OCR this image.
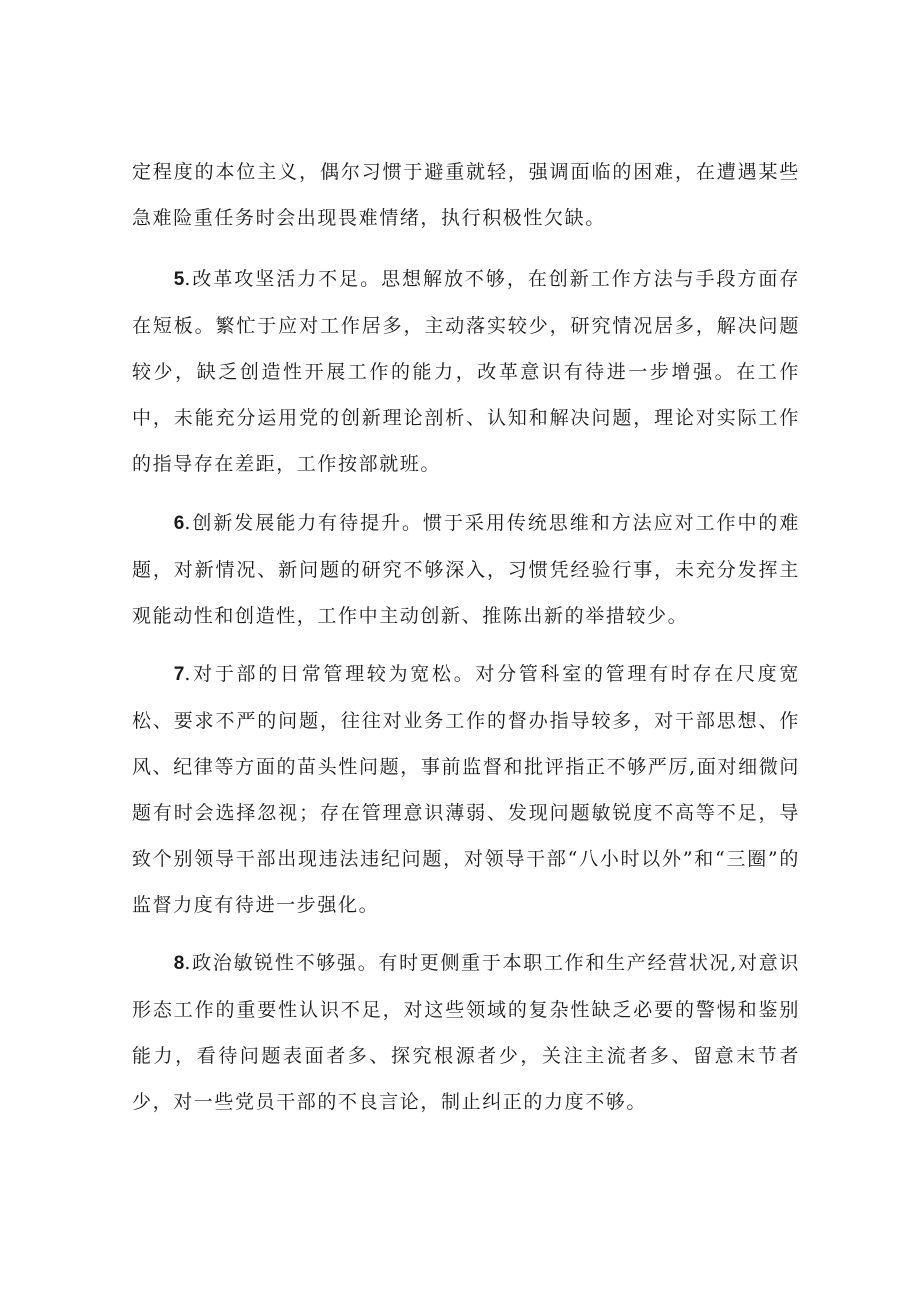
定程度的本位主义，偶尔习惯于避重就轻，强调面临的困难，在遭遇某些急难险重任务时会出现畏难情绪，执行积极性欠缺。

5.改革攻坚活力不足。思想解放不够，在创新工作方法与手段方面存在短板。繁忙于应对工作居多，主动落实较少，研究情况居多，解决问题较少，缺乏创造性开展工作的能力，改革意识有待进一步增强。在工作中，未能充分运用党的创新理论剖析、认知和解决问题，理论对实际工作的指导存在差距，工作按部就班。

6.创新发展能力有待提升。惯于采用传统思维和方法应对工作中的难题，对新情况、新问题的研究不够深入，习惯凭经验行事，未充分发挥主观能动性和创造性，工作中主动创新、推陈出新的举措较少。

7.对于部的日常管理较为宽松。对分管科室的管理有时存在尺度宽松、要求不严的问题，往往对业务工作的督办指导较多，对干部思想、作风、纪律等方面的苗头性问题，事前监督和批评指正不够严厉,面对细微问题有时会选择忽视；存在管理意识薄弱、发现问题敏锐度不高等不足，导致个别领导干部出现违法违纪问题，对领导干部“八小时以外”和“三圈”的监督力度有待进一步强化。

8.政治敏锐性不够强。有时更侧重于本职工作和生产经营状况,对意识形态工作的重要性认识不足，对这些领域的复杂性缺乏必要的警惕和鉴别能力，看待问题表面者多、探究根源者少，关注主流者多、留意末节者少，对一些党员干部的不良言论，制止纠正的力度不够。
